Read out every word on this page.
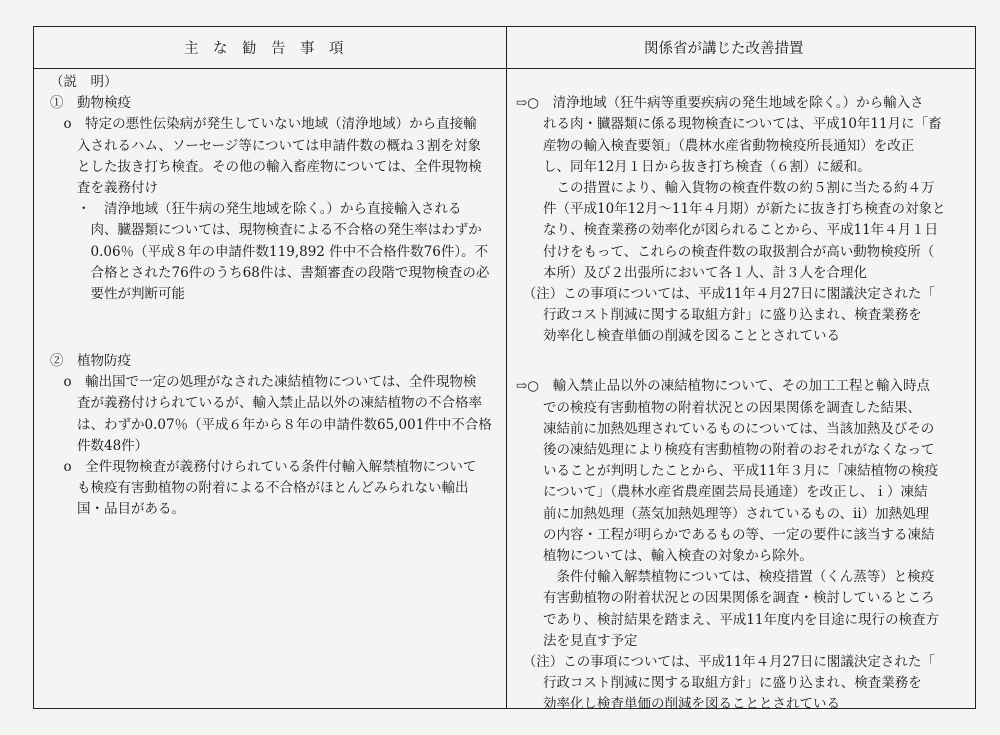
主　な　勧　告　事　項	関係省が講じた改善措置
（説　明）
①　動物検疫
　o　特定の悪性伝染病が発生していない地域（清浄地域）から直接輸
　　入されるハム、ソーセージ等については申請件数の概ね３割を対象
　　とした抜き打ち検査。その他の輸入畜産物については、全件現物検
　　査を義務付け
　　・　清浄地域（狂牛病の発生地域を除く。）から直接輸入される
　　　肉、臓器類については、現物検査による不合格の発生率はわずか
　　　0.06％（平成８年の申請件数119,892 件中不合格件数76件）。不
　　　合格とされた76件のうち68件は、書類審査の段階で現物検査の必
　　　要性が判断可能
②　植物防疫
　o　輸出国で一定の処理がなされた凍結植物については、全件現物検
　　査が義務付けられているが、輸入禁止品以外の凍結植物の不合格率
　　は、わずか0.07％（平成６年から８年の申請件数65,001件中不合格
　　件数48件）
　o　全件現物検査が義務付けられている条件付輸入解禁植物について
　　も検疫有害動植物の附着による不合格がほとんどみられない輸出
　　国・品目がある。
⇨○　清浄地域（狂牛病等重要疾病の発生地域を除く。）から輸入さ
　　れる肉・臓器類に係る現物検査については、平成10年11月に「畜
　　産物の輸入検査要領」（農林水産省動物検疫所長通知）を改正
　　し、同年12月１日から抜き打ち検査（６割）に緩和。
　　　この措置により、輸入貨物の検査件数の約５割に当たる約４万
　　件（平成10年12月～11年４月期）が新たに抜き打ち検査の対象と
　　なり、検査業務の効率化が図られることから、平成11年４月１日
　　付けをもって、これらの検査件数の取扱割合が高い動物検疫所（
　　本所）及び２出張所において各１人、計３人を合理化
　（注）この事項については、平成11年４月27日に閣議決定された「
　　行政コスト削減に関する取組方針」に盛り込まれ、検査業務を
　　効率化し検査単価の削減を図ることとされている
⇨○　輸入禁止品以外の凍結植物について、その加工工程と輸入時点
　　での検疫有害動植物の附着状況との因果関係を調査した結果、
　　凍結前に加熱処理されているものについては、当該加熱及びその
　　後の凍結処理により検疫有害動植物の附着のおそれがなくなって
　　いることが判明したことから、平成11年３月に「凍結植物の検疫
　　について」（農林水産省農産園芸局長通達）を改正し、ｉ）凍結
　　前に加熱処理（蒸気加熱処理等）されているもの、ⅱ）加熱処理
　　の内容・工程が明らかであるもの等、一定の要件に該当する凍結
　　植物については、輸入検査の対象から除外。
　　　条件付輸入解禁植物については、検疫措置（くん蒸等）と検疫
　　有害動植物の附着状況との因果関係を調査・検討しているところ
　　であり、検討結果を踏まえ、平成11年度内を目途に現行の検査方
　　法を見直す予定
　（注）この事項については、平成11年４月27日に閣議決定された「
　　行政コスト削減に関する取組方針」に盛り込まれ、検査業務を
　　効率化し検査単価の削減を図ることとされている
